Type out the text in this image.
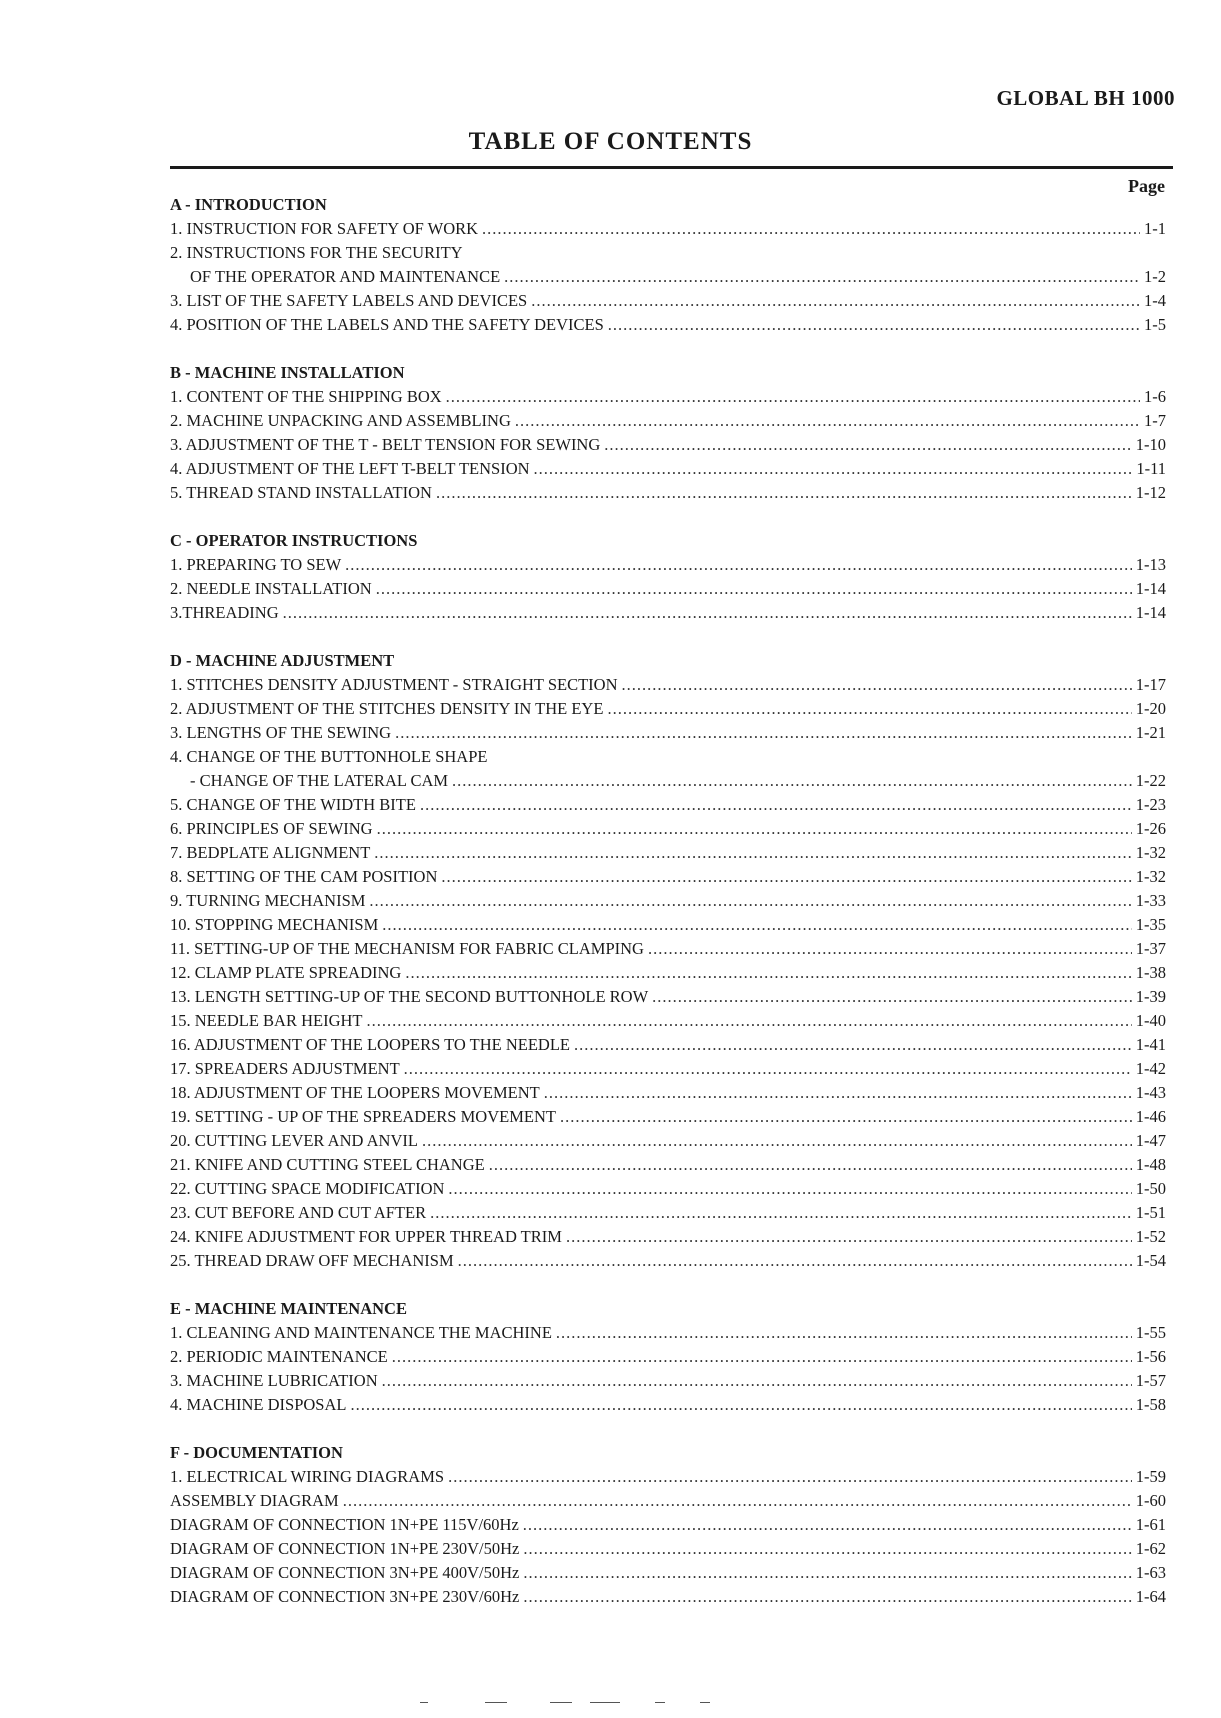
GLOBAL BH 1000
TABLE OF CONTENTS
Page
A - INTRODUCTION
1. INSTRUCTION FOR SAFETY OF WORK .....	1-1
2. INSTRUCTIONS FOR THE SECURITY
OF THE OPERATOR AND MAINTENANCE .....	1-2
3. LIST OF THE SAFETY LABELS AND DEVICES .....	1-4
4. POSITION OF THE LABELS AND THE SAFETY DEVICES .....	1-5
B - MACHINE INSTALLATION
1. CONTENT OF THE SHIPPING BOX .....	1-6
2. MACHINE UNPACKING AND ASSEMBLING .....	1-7
3. ADJUSTMENT OF THE T - BELT TENSION FOR SEWING .....	1-10
4. ADJUSTMENT OF THE LEFT T-BELT TENSION .....	1-11
5. THREAD STAND INSTALLATION .....	1-12
C - OPERATOR INSTRUCTIONS
1. PREPARING TO SEW .....	1-13
2. NEEDLE INSTALLATION .....	1-14
3.THREADING .....	1-14
D - MACHINE ADJUSTMENT
1. STITCHES DENSITY ADJUSTMENT - STRAIGHT SECTION .....	1-17
2. ADJUSTMENT OF THE STITCHES DENSITY IN THE EYE .....	1-20
3. LENGTHS OF THE SEWING .....	1-21
4. CHANGE OF THE BUTTONHOLE SHAPE
- CHANGE OF THE LATERAL CAM .....	1-22
5. CHANGE OF THE WIDTH BITE .....	1-23
6. PRINCIPLES OF SEWING .....	1-26
7. BEDPLATE ALIGNMENT .....	1-32
8. SETTING OF THE CAM POSITION .....	1-32
9. TURNING MECHANISM .....	1-33
10. STOPPING MECHANISM .....	1-35
11. SETTING-UP OF THE MECHANISM FOR FABRIC CLAMPING .....	1-37
12. CLAMP PLATE SPREADING .....	1-38
13. LENGTH SETTING-UP OF THE SECOND BUTTONHOLE ROW .....	1-39
15. NEEDLE BAR HEIGHT .....	1-40
16. ADJUSTMENT OF THE LOOPERS TO THE NEEDLE .....	1-41
17. SPREADERS ADJUSTMENT .....	1-42
18. ADJUSTMENT OF THE LOOPERS MOVEMENT .....	1-43
19. SETTING - UP OF THE SPREADERS MOVEMENT .....	1-46
20. CUTTING LEVER AND ANVIL .....	1-47
21. KNIFE AND CUTTING STEEL CHANGE .....	1-48
22. CUTTING SPACE MODIFICATION .....	1-50
23. CUT BEFORE AND CUT AFTER .....	1-51
24. KNIFE ADJUSTMENT FOR UPPER THREAD TRIM .....	1-52
25. THREAD DRAW OFF MECHANISM .....	1-54
E - MACHINE MAINTENANCE
1. CLEANING AND MAINTENANCE THE MACHINE .....	1-55
2. PERIODIC MAINTENANCE .....	1-56
3. MACHINE LUBRICATION .....	1-57
4. MACHINE DISPOSAL .....	1-58
F - DOCUMENTATION
1. ELECTRICAL WIRING DIAGRAMS .....	1-59
ASSEMBLY DIAGRAM .....	1-60
DIAGRAM OF CONNECTION 1N+PE 115V/60Hz .....	1-61
DIAGRAM OF CONNECTION 1N+PE 230V/50Hz .....	1-62
DIAGRAM OF CONNECTION 3N+PE 400V/50Hz .....	1-63
DIAGRAM OF CONNECTION 3N+PE 230V/60Hz .....	1-64
